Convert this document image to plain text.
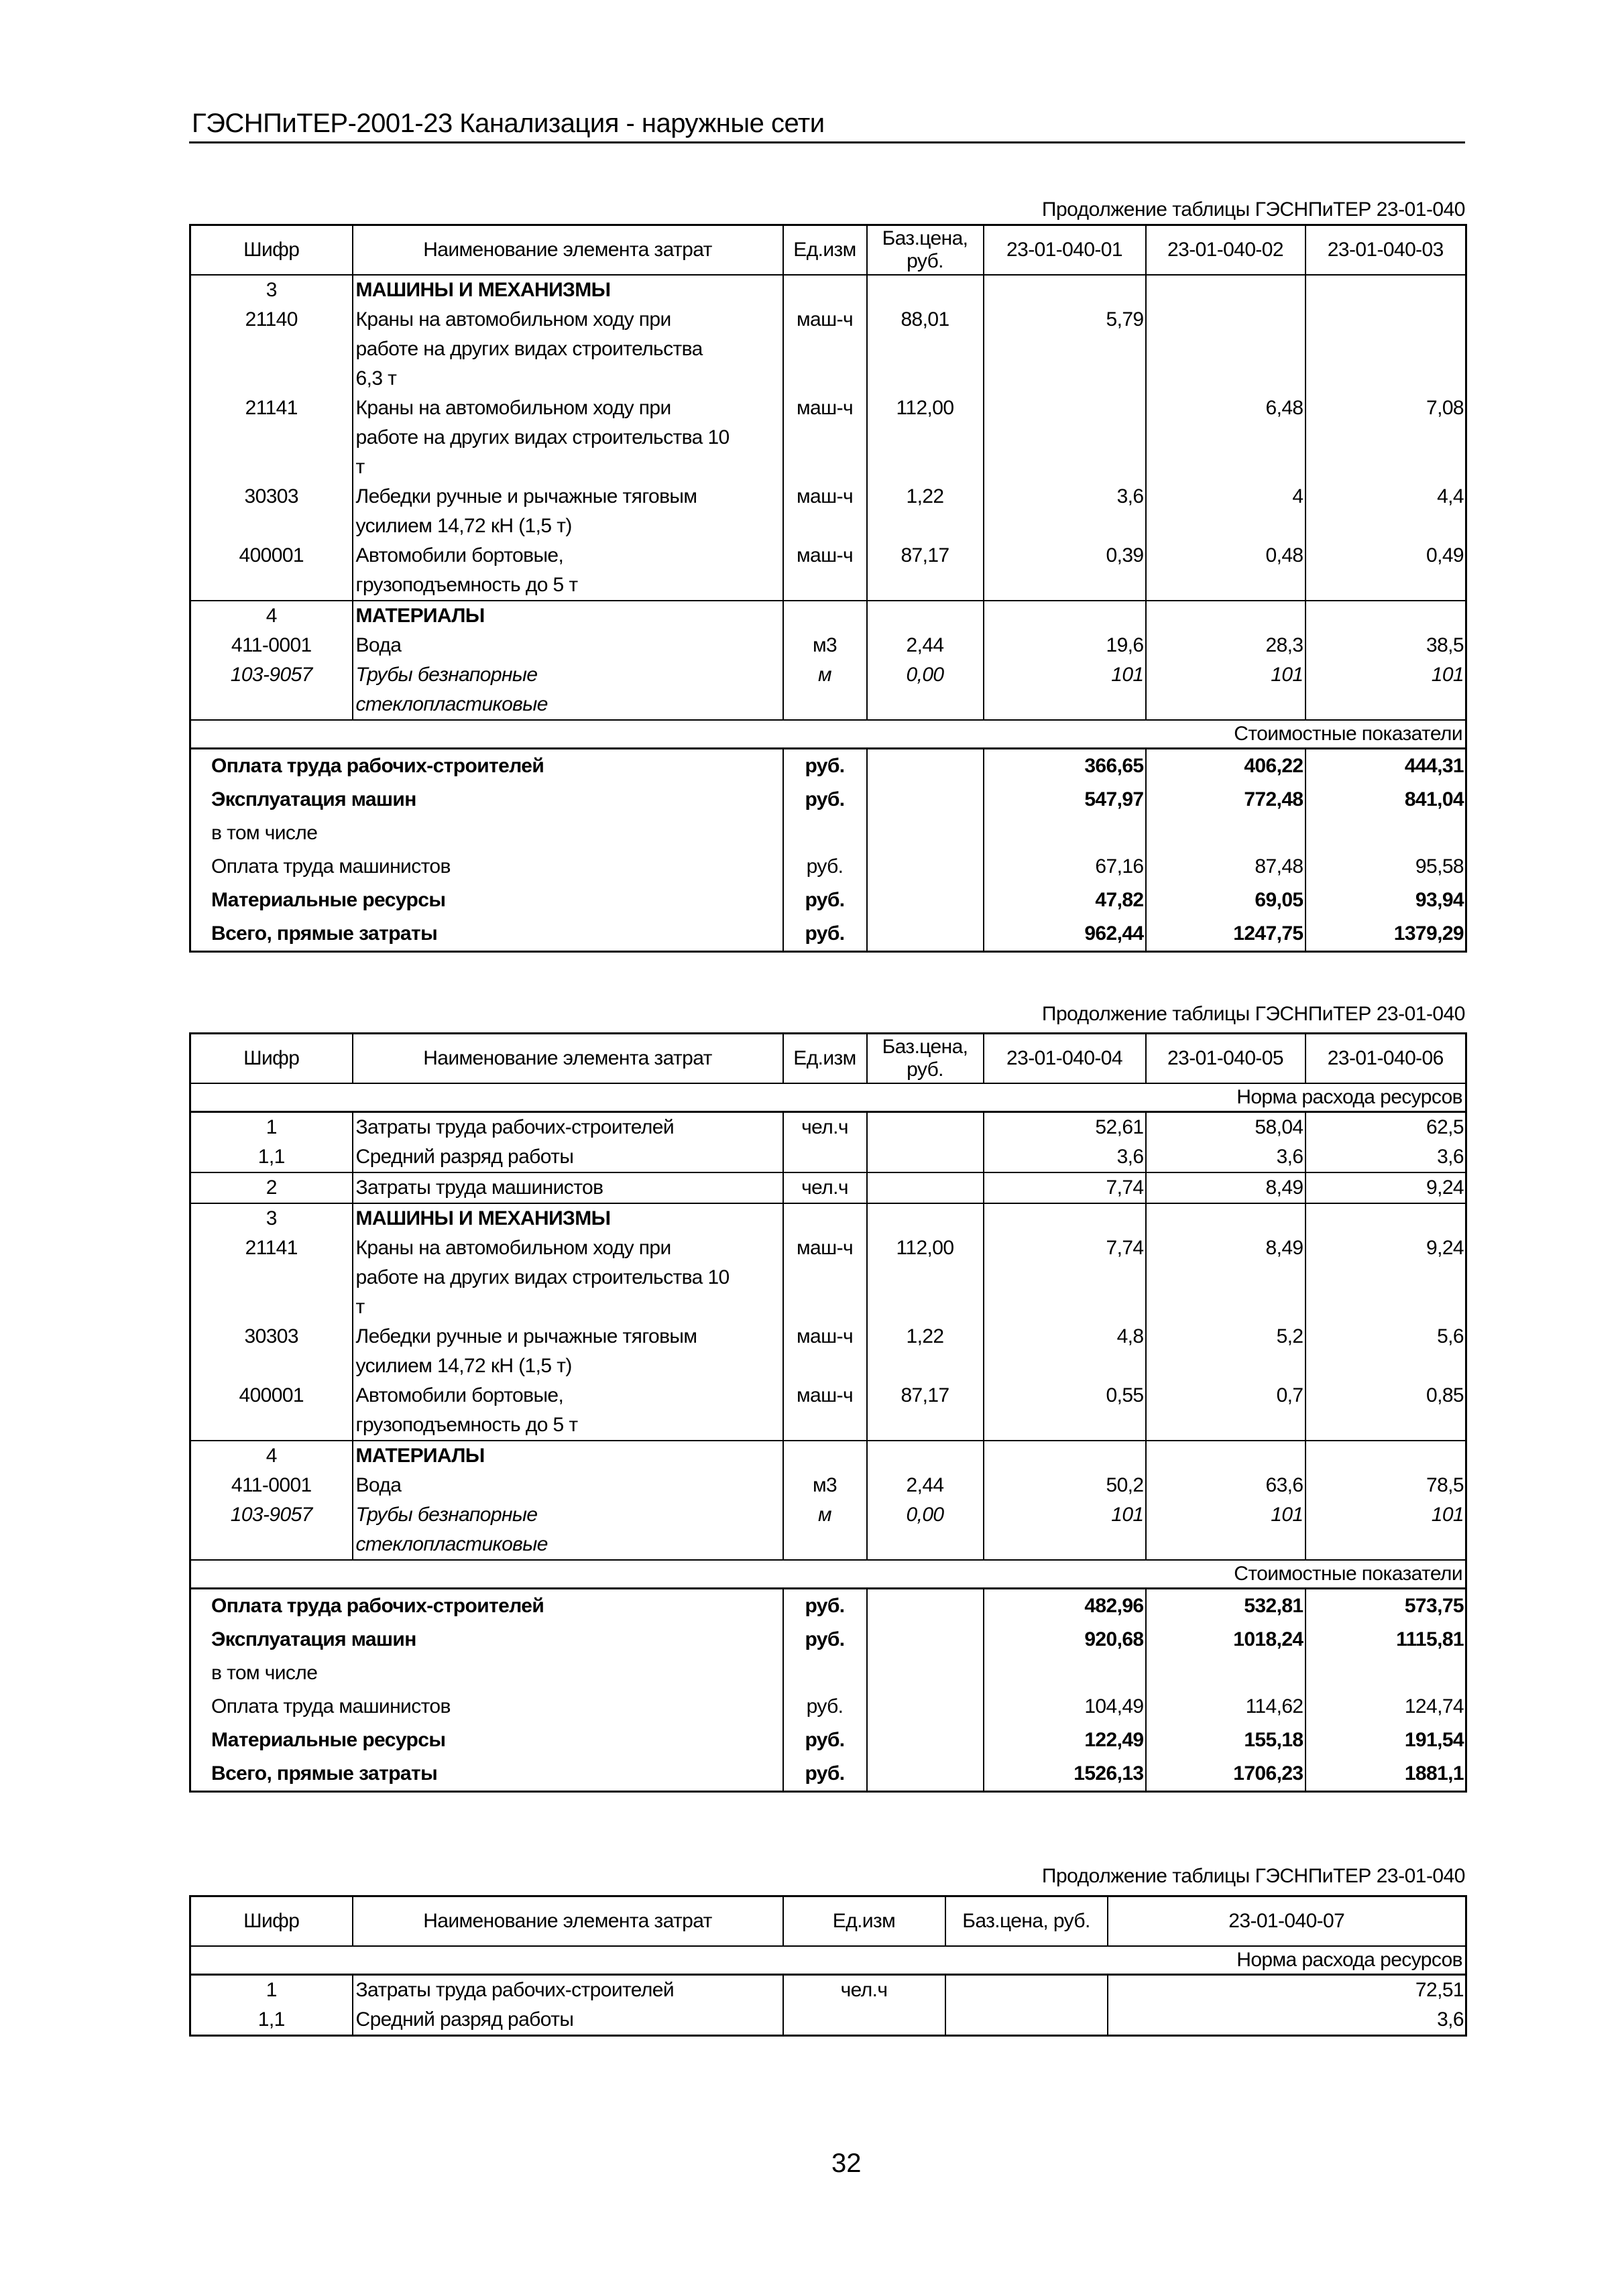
ГЭСНПиТЕР-2001-23 Канализация - наружные сети
Продолжение таблицы ГЭСНПиТЕР 23-01-040
Шифр	Наименование элемента затрат	Ед.изм	Баз.цена, руб.	23-01-040-01	23-01-040-02	23-01-040-03
3	МАШИНЫ И МЕХАНИЗМЫ					
21140	Краны на автомобильном ходу при
работе на других видах строительства
6,3 т	маш-ч	88,01	5,79		
21141	Краны на автомобильном ходу при
работе на других видах строительства 10
т	маш-ч	112,00		6,48	7,08
30303	Лебедки ручные и рычажные тяговым
усилием 14,72 кН (1,5 т)	маш-ч	1,22	3,6	4	4,4
400001	Автомобили бортовые,
грузоподъемность до 5 т	маш-ч	87,17	0,39	0,48	0,49
4	МАТЕРИАЛЫ					
411-0001	Вода	м3	2,44	19,6	28,3	38,5
103-9057	Трубы безнапорные
стеклопластиковые	м	0,00	101	101	101
Стоимостные показатели						
Оплата труда рабочих-строителей		руб.		366,65	406,22	444,31
Эксплуатация машин		руб.		547,97	772,48	841,04
в том числе						
Оплата труда машинистов		руб.		67,16	87,48	95,58
Материальные ресурсы		руб.		47,82	69,05	93,94
Всего, прямые затраты		руб.		962,44	1247,75	1379,29
Продолжение таблицы ГЭСНПиТЕР 23-01-040
Шифр	Наименование элемента затрат	Ед.изм	Баз.цена, руб.	23-01-040-04	23-01-040-05	23-01-040-06
Норма расхода ресурсов						
1	Затраты труда рабочих-строителей	чел.ч		52,61	58,04	62,5
1,1	Средний разряд работы			3,6	3,6	3,6
2	Затраты труда машинистов	чел.ч		7,74	8,49	9,24
3	МАШИНЫ И МЕХАНИЗМЫ					
21141	Краны на автомобильном ходу при
работе на других видах строительства 10
т	маш-ч	112,00	7,74	8,49	9,24
30303	Лебедки ручные и рычажные тяговым
усилием 14,72 кН (1,5 т)	маш-ч	1,22	4,8	5,2	5,6
400001	Автомобили бортовые,
грузоподъемность до 5 т	маш-ч	87,17	0,55	0,7	0,85
4	МАТЕРИАЛЫ					
411-0001	Вода	м3	2,44	50,2	63,6	78,5
103-9057	Трубы безнапорные
стеклопластиковые	м	0,00	101	101	101
Стоимостные показатели						
Оплата труда рабочих-строителей		руб.		482,96	532,81	573,75
Эксплуатация машин		руб.		920,68	1018,24	1115,81
в том числе						
Оплата труда машинистов		руб.		104,49	114,62	124,74
Материальные ресурсы		руб.		122,49	155,18	191,54
Всего, прямые затраты		руб.		1526,13	1706,23	1881,1
Продолжение таблицы ГЭСНПиТЕР 23-01-040
Шифр	Наименование элемента затрат	Ед.изм	Баз.цена, руб.	23-01-040-07
Норма расхода ресурсов				
1	Затраты труда рабочих-строителей	чел.ч		72,51
1,1	Средний разряд работы			3,6
32
